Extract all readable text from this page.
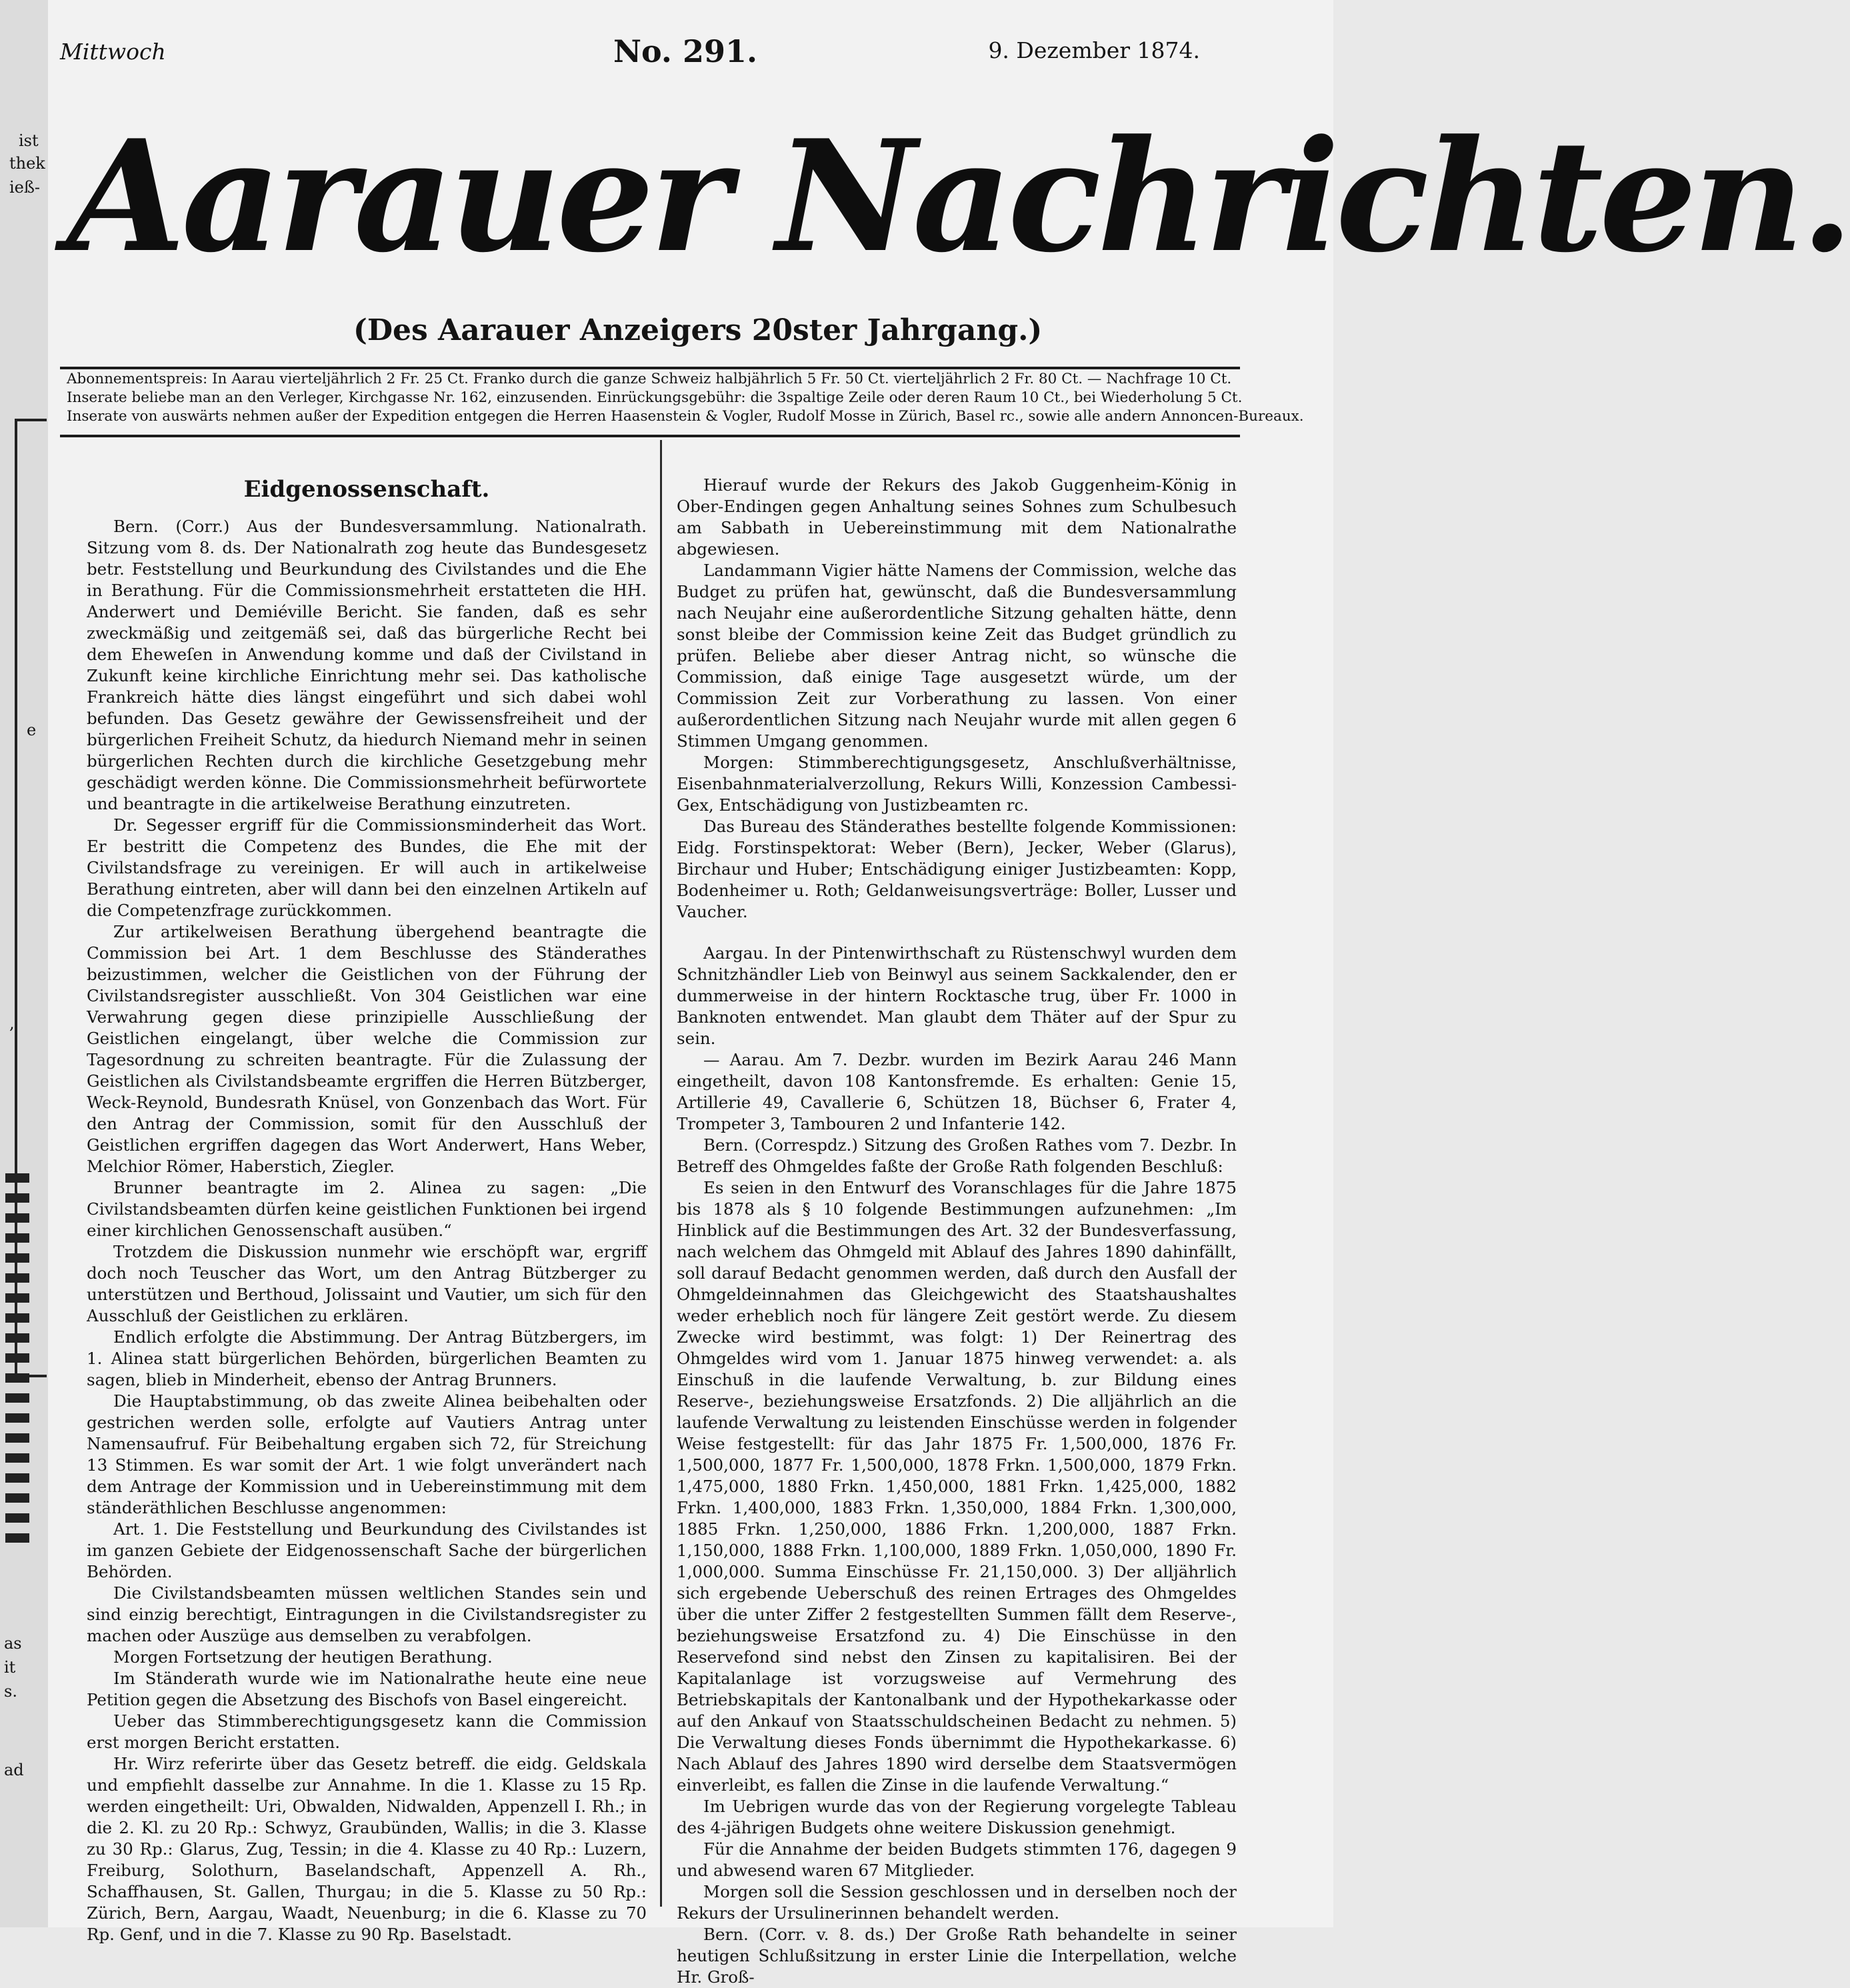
ist
thek
ieß-
e
,
as
it
s.
ad
Mittwoch	No. 291.	9. Dezember 1874.
Aarauer Nachrichten.
(Des Aarauer Anzeigers 20ster Jahrgang.)
Abonnementspreis: In Aarau vierteljährlich 2 Fr. 25 Ct. Franko durch die ganze Schweiz halbjährlich 5 Fr. 50 Ct. vierteljährlich 2 Fr. 80 Ct. — Nachfrage 10 Ct.
Inserate beliebe man an den Verleger, Kirchgasse Nr. 162, einzusenden. Einrückungsgebühr: die 3spaltige Zeile oder deren Raum 10 Ct., bei Wiederholung 5 Ct.
Inserate von auswärts nehmen außer der Expedition entgegen die Herren Haasenstein & Vogler, Rudolf Mosse in Zürich, Basel rc., sowie alle andern Annoncen-Bureaux.
Eidgenossenschaft.

Bern. (Corr.) Aus der Bundesversammlung. Nationalrath. Sitzung vom 8. ds. Der Nationalrath zog heute das Bundesgesetz betr. Feststellung und Beurkundung des Civilstandes und die Ehe in Berathung. Für die Commissionsmehrheit erstatteten die HH. Anderwert und Demiéville Bericht. Sie fanden, daß es sehr zweckmäßig und zeitgemäß sei, daß das bürgerliche Recht bei dem Eheweſen in Anwendung komme und daß der Civilstand in Zukunft keine kirchliche Einrichtung mehr sei. Das katholische Frankreich hätte dies längst eingeführt und sich dabei wohl befunden. Das Gesetz gewähre der Gewissensfreiheit und der bürgerlichen Freiheit Schutz, da hiedurch Niemand mehr in seinen bürgerlichen Rechten durch die kirchliche Gesetzgebung mehr geschädigt werden könne. Die Commissionsmehrheit befürwortete und beantragte in die artikelweise Berathung einzutreten.

Dr. Segesser ergriff für die Commissionsminderheit das Wort. Er bestritt die Competenz des Bundes, die Ehe mit der Civilstandsfrage zu vereinigen. Er will auch in artikelweise Berathung eintreten, aber will dann bei den einzelnen Artikeln auf die Competenzfrage zurückkommen.

Zur artikelweisen Berathung übergehend beantragte die Commission bei Art. 1 dem Beschlusse des Ständerathes beizustimmen, welcher die Geistlichen von der Führung der Civilstandsregister ausschließt. Von 304 Geistlichen war eine Verwahrung gegen diese prinzipielle Ausschließung der Geistlichen eingelangt, über welche die Commission zur Tagesordnung zu schreiten beantragte. Für die Zulassung der Geistlichen als Civilstandsbeamte ergriffen die Herren Bützberger, Weck-Reynold, Bundesrath Knüsel, von Gonzenbach das Wort. Für den Antrag der Commission, somit für den Ausschluß der Geistlichen ergriffen dagegen das Wort Anderwert, Hans Weber, Melchior Römer, Haberstich, Ziegler.

Brunner beantragte im 2. Alinea zu sagen: „Die Civilstandsbeamten dürfen keine geistlichen Funktionen bei irgend einer kirchlichen Genossenschaft ausüben.“

Trotzdem die Diskussion nunmehr wie erschöpft war, ergriff doch noch Teuscher das Wort, um den Antrag Bützberger zu unterstützen und Berthoud, Jolissaint und Vautier, um sich für den Ausschluß der Geistlichen zu erklären.

Endlich erfolgte die Abstimmung. Der Antrag Bützbergers, im 1. Alinea statt bürgerlichen Behörden, bürgerlichen Beamten zu sagen, blieb in Minderheit, ebenso der Antrag Brunners.

Die Hauptabstimmung, ob das zweite Alinea beibehalten oder gestrichen werden solle, erfolgte auf Vautiers Antrag unter Namensaufruf. Für Beibehaltung ergaben sich 72, für Streichung 13 Stimmen. Es war somit der Art. 1 wie folgt unverändert nach dem Antrage der Kommission und in Uebereinstimmung mit dem ständeräthlichen Beschlusse angenommen:

Art. 1. Die Feststellung und Beurkundung des Civilstandes ist im ganzen Gebiete der Eidgenossenschaft Sache der bürgerlichen Behörden.

Die Civilstandsbeamten müssen weltlichen Standes sein und sind einzig berechtigt, Eintragungen in die Civilstandsregister zu machen oder Auszüge aus demselben zu verabfolgen.

Morgen Fortsetzung der heutigen Berathung.

Im Ständerath wurde wie im Nationalrathe heute eine neue Petition gegen die Absetzung des Bischofs von Basel eingereicht.

Ueber das Stimmberechtigungsgesetz kann die Commission erst morgen Bericht erstatten.

Hr. Wirz referirte über das Gesetz betreff. die eidg. Geldskala und empfiehlt dasselbe zur Annahme. In die 1. Klasse zu 15 Rp. werden eingetheilt: Uri, Obwalden, Nidwalden, Appenzell I. Rh.; in die 2. Kl. zu 20 Rp.: Schwyz, Graubünden, Wallis; in die 3. Klasse zu 30 Rp.: Glarus, Zug, Tessin; in die 4. Klasse zu 40 Rp.: Luzern, Freiburg, Solothurn, Baselandschaft, Appenzell A. Rh., Schaffhausen, St. Gallen, Thurgau; in die 5. Klasse zu 50 Rp.: Zürich, Bern, Aargau, Waadt, Neuenburg; in die 6. Klasse zu 70 Rp. Genf, und in die 7. Klasse zu 90 Rp. Baselstadt.

Hierauf wurde der Rekurs des Jakob Guggenheim-König in Ober-Endingen gegen Anhaltung seines Sohnes zum Schulbesuch am Sabbath in Uebereinstimmung mit dem Nationalrathe abgewiesen.

Landammann Vigier hätte Namens der Commission, welche das Budget zu prüfen hat, gewünscht, daß die Bundesversammlung nach Neujahr eine außerordentliche Sitzung gehalten hätte, denn sonst bleibe der Commission keine Zeit das Budget gründlich zu prüfen. Beliebe aber dieser Antrag nicht, so wünsche die Commission, daß einige Tage ausgesetzt würde, um der Commission Zeit zur Vorberathung zu lassen. Von einer außerordentlichen Sitzung nach Neujahr wurde mit allen gegen 6 Stimmen Umgang genommen.

Morgen: Stimmberechtigungsgesetz, Anschlußverhältnisse, Eisenbahnmaterialverzollung, Rekurs Willi, Konzession Cambessi-Gex, Entschädigung von Justizbeamten rc.

Das Bureau des Ständerathes bestellte folgende Kommissionen: Eidg. Forstinspektorat: Weber (Bern), Jecker, Weber (Glarus), Birchaur und Huber; Entschädigung einiger Justizbeamten: Kopp, Bodenheimer u. Roth; Geldanweisungsverträge: Boller, Lusser und Vaucher.

Aargau. In der Pintenwirthschaft zu Rüstenschwyl wurden dem Schnitzhändler Lieb von Beinwyl aus seinem Sackkalender, den er dummerweise in der hintern Rocktasche trug, über Fr. 1000 in Banknoten entwendet. Man glaubt dem Thäter auf der Spur zu sein.

— Aarau. Am 7. Dezbr. wurden im Bezirk Aarau 246 Mann eingetheilt, davon 108 Kantonsfremde. Es erhalten: Genie 15, Artillerie 49, Cavallerie 6, Schützen 18, Büchser 6, Frater 4, Trompeter 3, Tambouren 2 und Infanterie 142.

Bern. (Correspdz.) Sitzung des Großen Rathes vom 7. Dezbr. In Betreff des Ohmgeldes faßte der Große Rath folgenden Beschluß:

Es seien in den Entwurf des Voranschlages für die Jahre 1875 bis 1878 als § 10 folgende Bestimmungen aufzunehmen: „Im Hinblick auf die Bestimmungen des Art. 32 der Bundesverfassung, nach welchem das Ohmgeld mit Ablauf des Jahres 1890 dahinfällt, soll darauf Bedacht genommen werden, daß durch den Ausfall der Ohmgeldeinnahmen das Gleichgewicht des Staatshaushaltes weder erheblich noch für längere Zeit gestört werde. Zu diesem Zwecke wird bestimmt, was folgt: 1) Der Reinertrag des Ohmgeldes wird vom 1. Januar 1875 hinweg verwendet: a. als Einschuß in die laufende Verwaltung, b. zur Bildung eines Reserve-, beziehungsweise Ersatzfonds. 2) Die alljährlich an die laufende Verwaltung zu leistenden Einschüsse werden in folgender Weise festgestellt: für das Jahr 1875 Fr. 1,500,000, 1876 Fr. 1,500,000, 1877 Fr. 1,500,000, 1878 Frkn. 1,500,000, 1879 Frkn. 1,475,000, 1880 Frkn. 1,450,000, 1881 Frkn. 1,425,000, 1882 Frkn. 1,400,000, 1883 Frkn. 1,350,000, 1884 Frkn. 1,300,000, 1885 Frkn. 1,250,000, 1886 Frkn. 1,200,000, 1887 Frkn. 1,150,000, 1888 Frkn. 1,100,000, 1889 Frkn. 1,050,000, 1890 Fr. 1,000,000. Summa Einschüsse Fr. 21,150,000. 3) Der alljährlich sich ergebende Ueberschuß des reinen Ertrages des Ohmgeldes über die unter Ziffer 2 festgestellten Summen fällt dem Reserve-, beziehungsweise Ersatzfond zu. 4) Die Einschüsse in den Reservefond sind nebst den Zinsen zu kapitalisiren. Bei der Kapitalanlage ist vorzugsweise auf Vermehrung des Betriebskapitals der Kantonalbank und der Hypothekarkasse oder auf den Ankauf von Staatsschuldscheinen Bedacht zu nehmen. 5) Die Verwaltung dieses Fonds übernimmt die Hypothekarkasse. 6) Nach Ablauf des Jahres 1890 wird derselbe dem Staatsvermögen einverleibt, es fallen die Zinse in die laufende Verwaltung.“

Im Uebrigen wurde das von der Regierung vorgelegte Tableau des 4-jährigen Budgets ohne weitere Diskussion genehmigt.

Für die Annahme der beiden Budgets stimmten 176, dagegen 9 und abwesend waren 67 Mitglieder.

Morgen soll die Session geschlossen und in derselben noch der Rekurs der Ursulinerinnen behandelt werden.

Bern. (Corr. v. 8. ds.) Der Große Rath behandelte in seiner heutigen Schlußsitzung in erster Linie die Interpellation, welche Hr. Groß-
